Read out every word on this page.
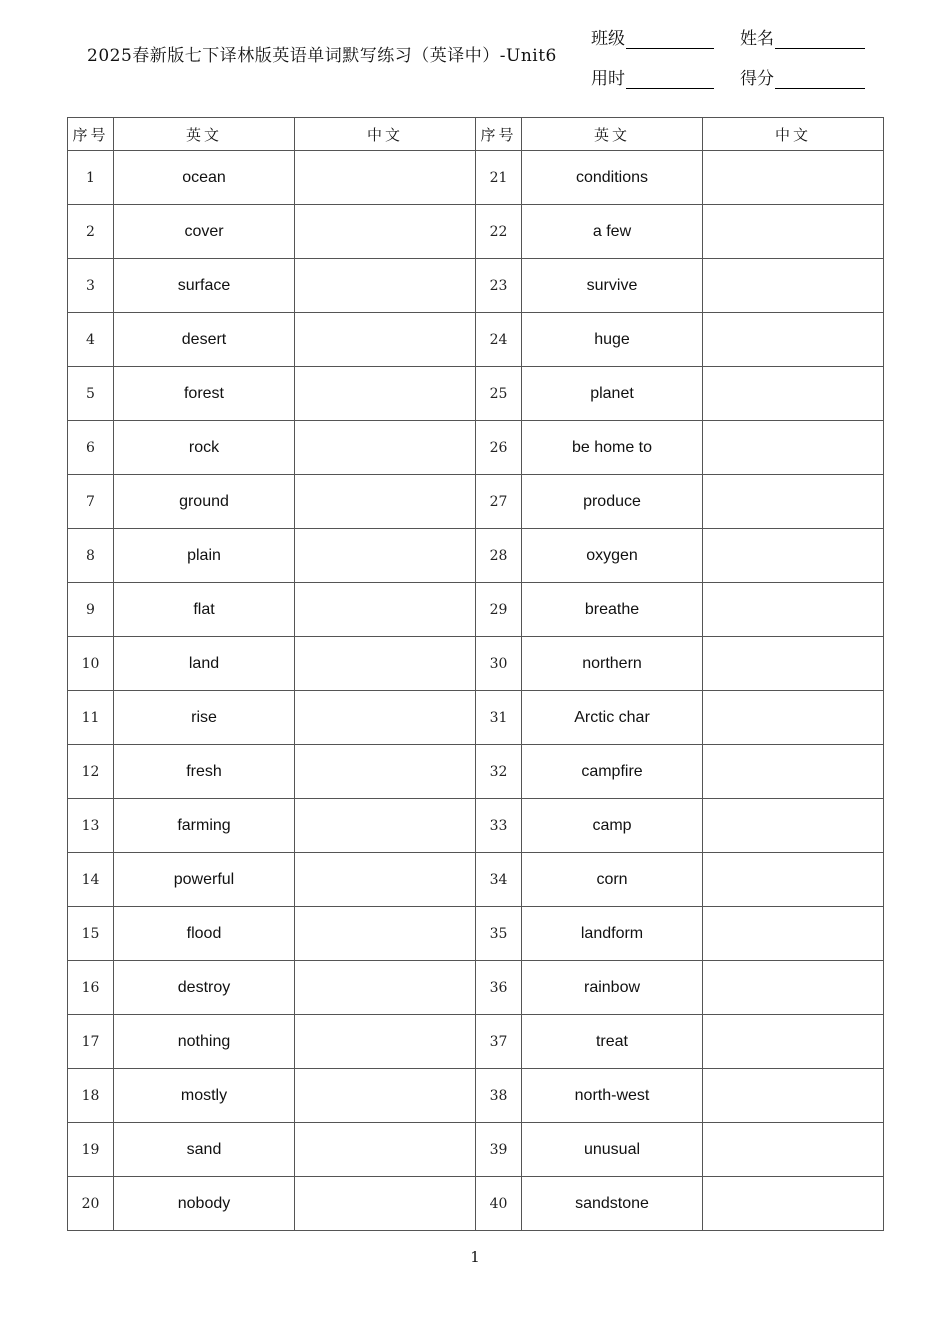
2025春新版七下译林版英语单词默写练习（英译中）-Unit6
班级	姓名
用时	得分
序号	英文	中文	序号	英文	中文
1	ocean		21	conditions	
2	cover		22	a few	
3	surface		23	survive	
4	desert		24	huge	
5	forest		25	planet	
6	rock		26	be home to	
7	ground		27	produce	
8	plain		28	oxygen	
9	flat		29	breathe	
10	land		30	northern	
11	rise		31	Arctic char	
12	fresh		32	campfire	
13	farming		33	camp	
14	powerful		34	corn	
15	flood		35	landform	
16	destroy		36	rainbow	
17	nothing		37	treat	
18	mostly		38	north-west	
19	sand		39	unusual	
20	nobody		40	sandstone	
1
